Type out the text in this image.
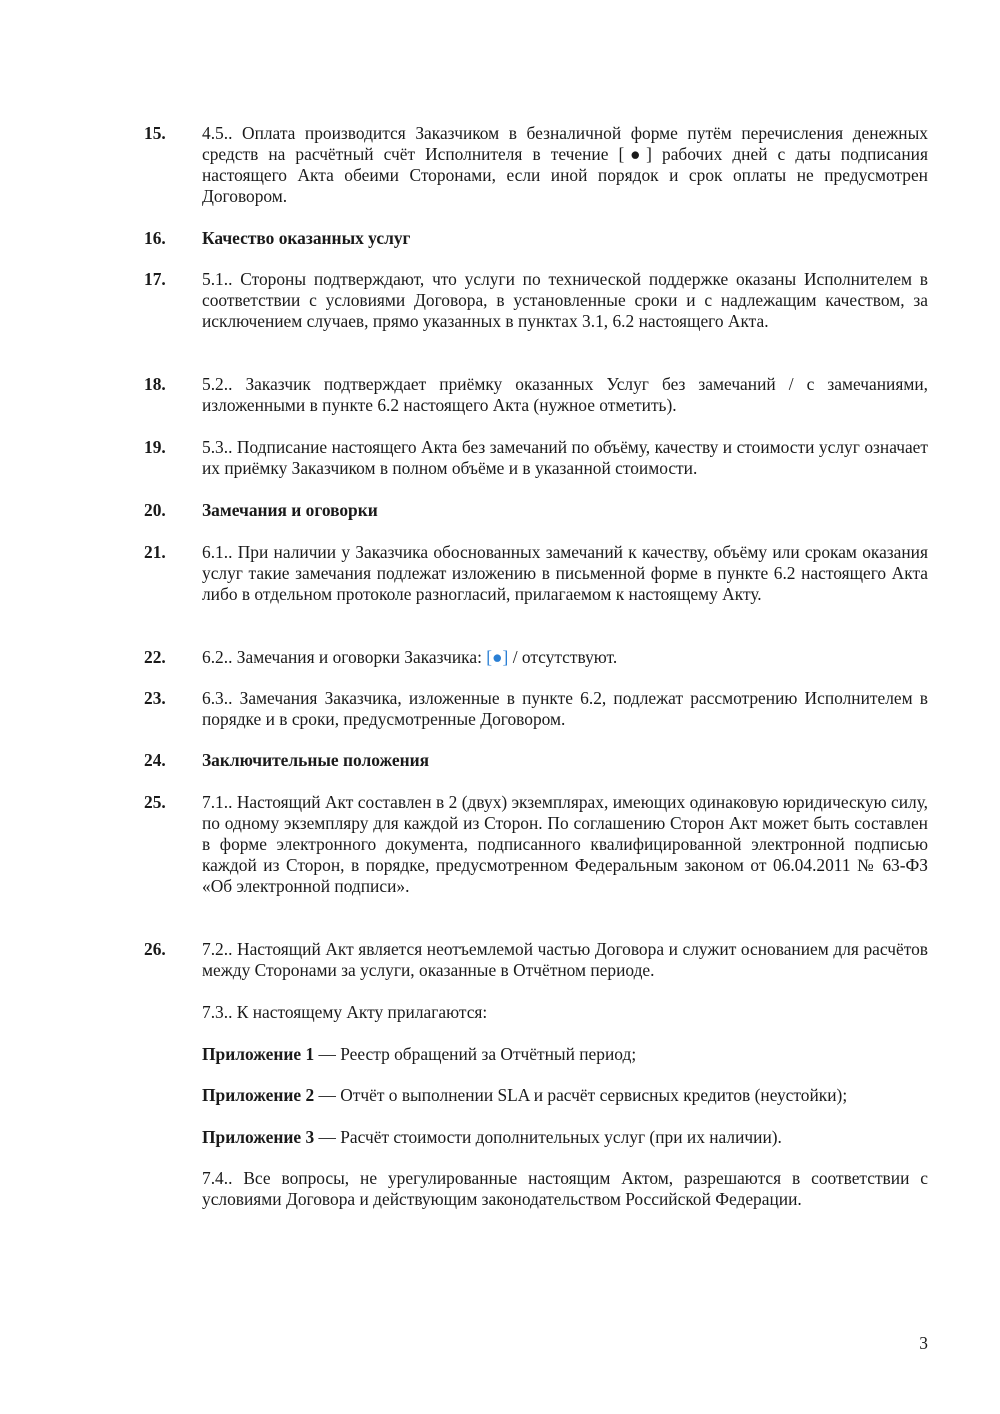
15.	4.5.. Оплата производится Заказчиком в безналичной форме путём перечисления денежных средств на расчётный счёт Исполнителя в течение [●] рабочих дней с даты подписания настоящего Акта обеими Сторонами, если иной порядок и срок оплаты не предусмотрен Договором.
16.	Качество оказанных услуг
17.	5.1.. Стороны подтверждают, что услуги по технической поддержке оказаны Исполнителем в соответствии с условиями Договора, в установленные сроки и с надлежащим качеством, за исключением случаев, прямо указанных в пунктах 3.1, 6.2 настоящего Акта.
18.	5.2.. Заказчик подтверждает приёмку оказанных Услуг без замечаний / с замечаниями, изложенными в пункте 6.2 настоящего Акта (нужное отметить).
19.	5.3.. Подписание настоящего Акта без замечаний по объёму, качеству и стоимости услуг означает их приёмку Заказчиком в полном объёме и в указанной стоимости.
20.	Замечания и оговорки
21.	6.1.. При наличии у Заказчика обоснованных замечаний к качеству, объёму или срокам оказания услуг такие замечания подлежат изложению в письменной форме в пункте 6.2 настоящего Акта либо в отдельном протоколе разногласий, прилагаемом к настоящему Акту.
22.	6.2.. Замечания и оговорки Заказчика: [●] / отсутствуют.
23.	6.3.. Замечания Заказчика, изложенные в пункте 6.2, подлежат рассмотрению Исполнителем в порядке и в сроки, предусмотренные Договором.
24.	Заключительные положения
25.	7.1.. Настоящий Акт составлен в 2 (двух) экземплярах, имеющих одинаковую юридическую силу, по одному экземпляру для каждой из Сторон. По соглашению Сторон Акт может быть составлен в форме электронного документа, подписанного квалифицированной электронной подписью каждой из Сторон, в порядке, предусмотренном Федеральным законом от 06.04.2011 № 63-ФЗ «Об электронной подписи».
26.	7.2.. Настоящий Акт является неотъемлемой частью Договора и служит основанием для расчётов между Сторонами за услуги, оказанные в Отчётном периоде.
7.3.. К настоящему Акту прилагаются:
Приложение 1 — Реестр обращений за Отчётный период;
Приложение 2 — Отчёт о выполнении SLA и расчёт сервисных кредитов (неустойки);
Приложение 3 — Расчёт стоимости дополнительных услуг (при их наличии).
7.4.. Все вопросы, не урегулированные настоящим Актом, разрешаются в соответствии с условиями Договора и действующим законодательством Российской Федерации.
3
